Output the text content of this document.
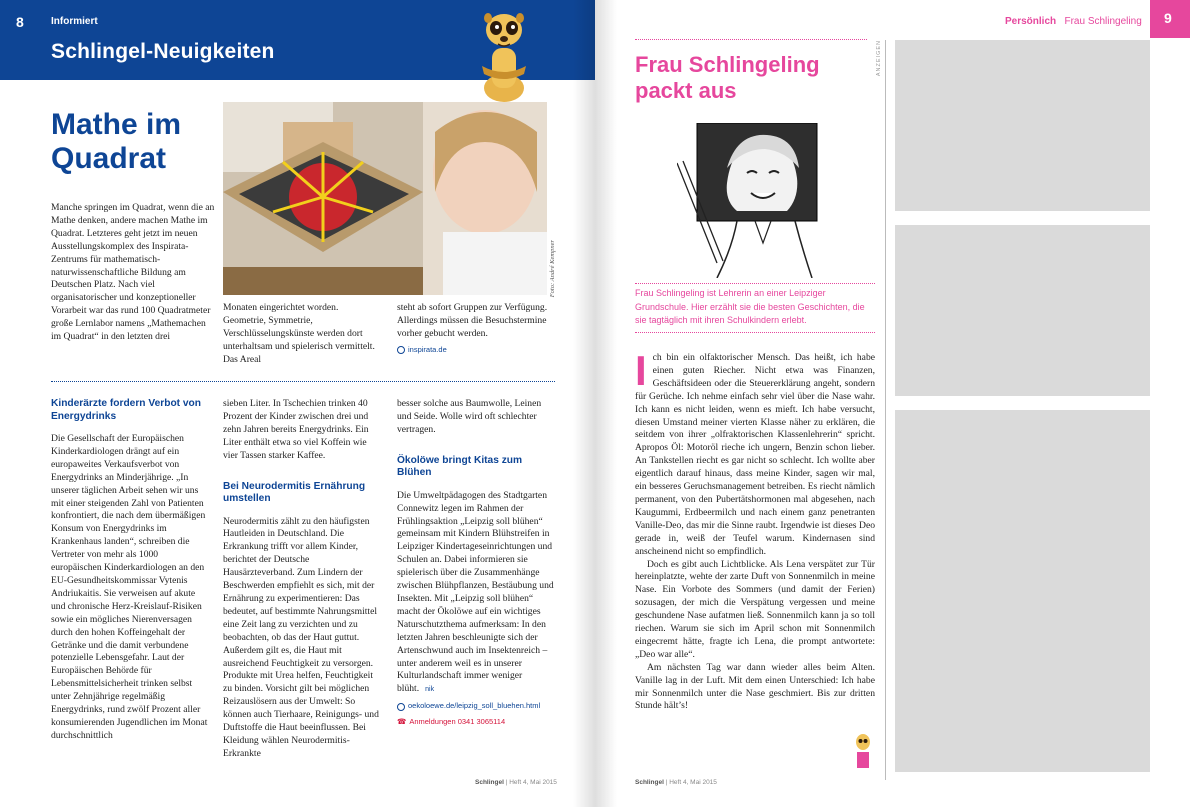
8	Informiert
Schlingel-Neuigkeiten
Mathe im
Quadrat
Foto: André Kempner

Manche springen im Quadrat, wenn die an Mathe denken, andere machen Mathe im Quadrat. Letzteres geht jetzt im neuen Ausstellungskomplex des Inspirata-Zentrums für mathematisch-naturwissenschaftliche Bildung am Deutschen Platz. Nach viel organisatorischer und konzeptioneller Vorarbeit war das rund 100 Quadratmeter große Lernlabor namens „Mathemachen im Quadrat“ in den letzten drei

Monaten eingerichtet worden. Geometrie, Symmetrie, Verschlüsselungskünste werden dort unterhaltsam und spielerisch vermittelt. Das Areal

steht ab sofort Gruppen zur Verfügung. Allerdings müssen die Besuchstermine vorher gebucht werden.

inspirata.de
Kinderärzte fordern Verbot von Energydrinks

Die Gesellschaft der Europäischen Kinderkardiologen drängt auf ein europaweites Verkaufsverbot von Energydrinks an Minderjährige. „In unserer täglichen Arbeit sehen wir uns mit einer steigenden Zahl von Patienten konfrontiert, die nach dem übermäßigen Konsum von Energydrinks im Krankenhaus landen“, schreiben die Vertreter von mehr als 1000 europäischen Kinderkardiologen an den EU-Gesundheitskommissar Vytenis Andriukaitis. Sie verweisen auf akute und chronische Herz-Kreislauf-Risiken sowie ein mögliches Nierenversagen durch den hohen Koffeingehalt der Getränke und die damit verbundene potenzielle Lebensgefahr. Laut der Europäischen Behörde für Lebensmittelsicherheit trinken selbst unter Zehnjährige regelmäßig Energydrinks, rund zwölf Prozent aller konsumierenden Jugendlichen im Monat durchschnittlich

sieben Liter. In Tschechien trinken 40 Prozent der Kinder zwischen drei und zehn Jahren bereits Energydrinks. Ein Liter enthält etwa so viel Koffein wie vier Tassen starker Kaffee.

Bei Neurodermitis Ernährung umstellen

Neurodermitis zählt zu den häufigsten Hautleiden in Deutschland. Die Erkrankung trifft vor allem Kinder, berichtet der Deutsche Hausärzteverband. Zum Lindern der Beschwerden empfiehlt es sich, mit der Ernährung zu experimentieren: Das bedeutet, auf bestimmte Nahrungsmittel eine Zeit lang zu verzichten und zu beobachten, ob das der Haut guttut. Außerdem gilt es, die Haut mit ausreichend Feuchtigkeit zu versorgen. Produkte mit Urea helfen, Feuchtigkeit zu binden. Vorsicht gilt bei möglichen Reizauslösern aus der Umwelt: So können auch Tierhaare, Reinigungs- und Duftstoffe die Haut beeinflussen. Bei Kleidung wählen Neurodermitis-Erkrankte

besser solche aus Baumwolle, Leinen und Seide. Wolle wird oft schlechter vertragen.

Ökolöwe bringt Kitas zum Blühen

Die Umweltpädagogen des Stadtgarten Connewitz legen im Rahmen der Frühlingsaktion „Leipzig soll blühen“ gemeinsam mit Kindern Blühstreifen in Leipziger Kindertageseinrichtungen und Schulen an. Dabei informieren sie spielerisch über die Zusammenhänge zwischen Blühpflanzen, Bestäubung und Insekten. Mit „Leipzig soll blühen“ macht der Ökolöwe auf ein wichtiges Naturschutzthema aufmerksam: In den letzten Jahren beschleunigte sich der Artenschwund auch im Insektenreich – unter anderem weil es in unserer Kulturlandschaft immer weniger blüht. nik

oekoloewe.de/leipzig_soll_bluehen.html
☎ Anmeldungen 0341 3065114
Schlingel | Heft 4, Mai 2015
Persönlich Frau Schlingeling 9
Frau Schlingeling
packt aus
Frau Schlingeling ist Lehrerin an einer Leipziger Grundschule. Hier erzählt sie die besten Geschichten, die sie tagtäglich mit ihren Schulkindern erlebt.

Ich bin ein olfaktorischer Mensch. Das heißt, ich habe einen guten Riecher. Nicht etwa was Finanzen, Geschäftsideen oder die Steuererklärung angeht, sondern für Gerüche. Ich nehme einfach sehr viel über die Nase wahr. Ich kann es nicht leiden, wenn es mieft. Ich habe versucht, diesen Umstand meiner vierten Klasse näher zu erklären, die seitdem von ihrer „olfraktorischen Klassenlehrerin“ spricht. Apropos Öl: Motoröl rieche ich ungern, Benzin schon lieber. An Tankstellen riecht es gar nicht so schlecht. Ich wollte aber eigentlich darauf hinaus, dass meine Kinder, sagen wir mal, ein besseres Geruchsmanagement betreiben. Es riecht nämlich permanent, von den Pubertätshormonen mal abgesehen, nach Kaugummi, Erdbeermilch und nach einem ganz penetranten Vanille-Deo, das mir die Sinne raubt. Irgendwie ist dieses Deo gerade in, weiß der Teufel warum. Kindernasen sind anscheinend nicht so empfindlich.

Doch es gibt auch Lichtblicke. Als Lena verspätet zur Tür hereinplatzte, wehte der zarte Duft von Sonnenmilch in meine Nase. Ein Vorbote des Sommers (und damit der Ferien) sozusagen, der mich die Verspätung vergessen und meine geschundene Nase aufatmen ließ. Sonnenmilch kann ja so toll riechen. Warum sie sich im April schon mit Sonnenmilch eingecremt hätte, fragte ich Lena, die prompt antwortete: „Deo war alle“.

Am nächsten Tag war dann wieder alles beim Alten. Vanille lag in der Luft. Mit dem einen Unterschied: Ich habe mir Sonnenmilch unter die Nase geschmiert. Bis zur dritten Stunde hält’s!

ANZEIGEN
Schlingel | Heft 4, Mai 2015
